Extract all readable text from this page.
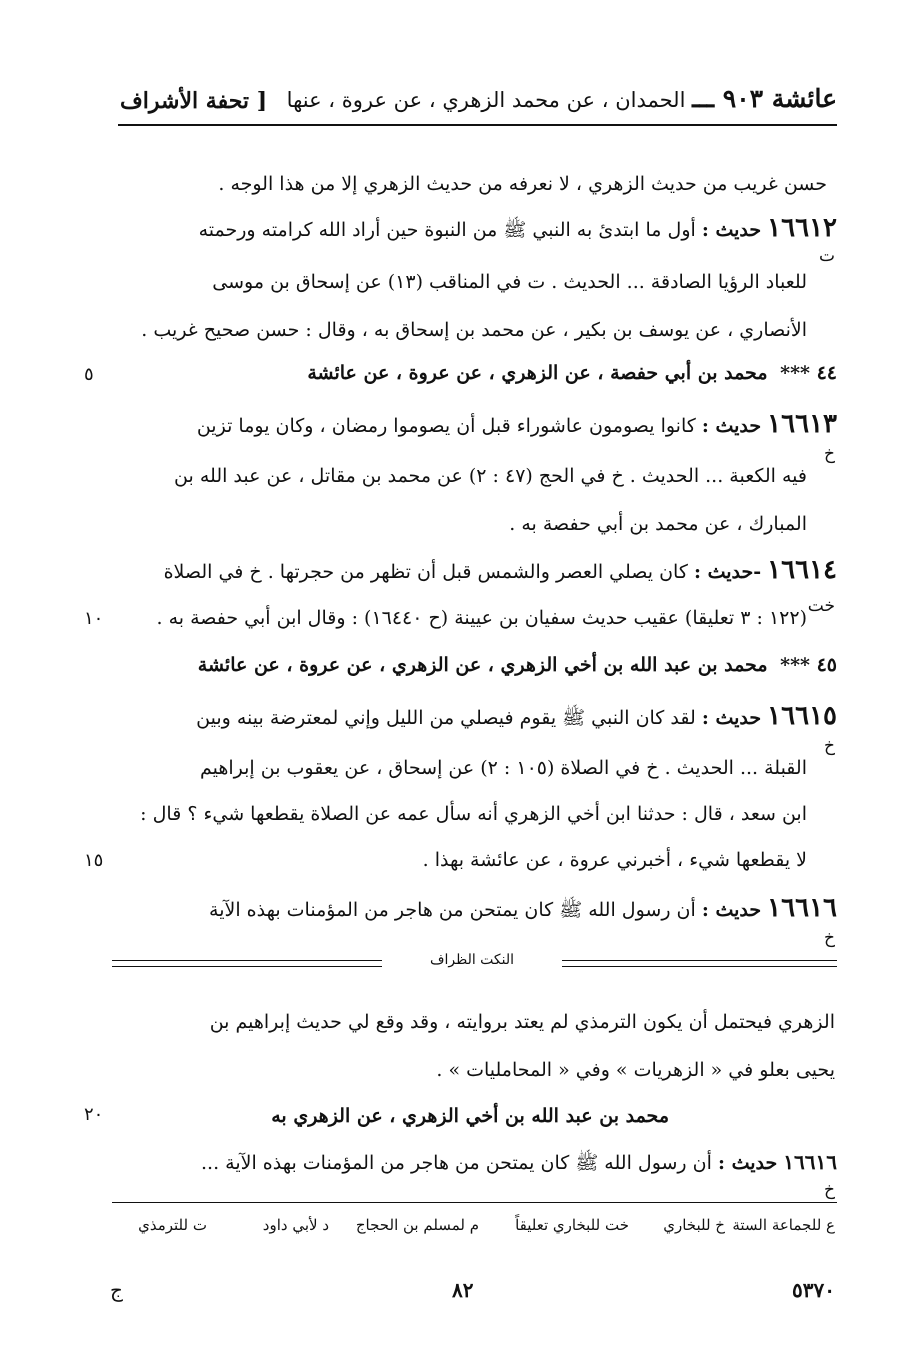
[ تحفة الأشراف	عائشة ٩٠٣ ـــ الحمدان ، عن محمد الزهري ، عن عروة ، عنها
حسن غريب من حديث الزهري ، لا نعرفه من حديث الزهري إلا من هذا الوجه .
١٦٦١٢ حديث : أول ما ابتدئ به النبي ﷺ من النبوة حين أراد الله كرامته ورحمته
ت
للعباد الرؤيا الصادقة ... الحديث . ت في المناقب (١٣) عن إسحاق بن موسى
الأنصاري ، عن يوسف بن بكير ، عن محمد بن إسحاق به ، وقال : حسن صحيح غريب .
٤٤ *** محمد بن أبي حفصة ، عن الزهري ، عن عروة ، عن عائشة
٥
١٦٦١٣ حديث : كانوا يصومون عاشوراء قبل أن يصوموا رمضان ، وكان يوما تزين
خ
فيه الكعبة ... الحديث . خ في الحج (٤٧ : ٢) عن محمد بن مقاتل ، عن عبد الله بن
المبارك ، عن محمد بن أبي حفصة به .
١٦٦١٤ -حديث : كان يصلي العصر والشمس قبل أن تظهر من حجرتها . خ في الصلاة
خت
(١٢٢ : ٣ تعليقا) عقيب حديث سفيان بن عيينة (ح ١٦٤٤٠) : وقال ابن أبي حفصة به .
١٠
٤٥ *** محمد بن عبد الله بن أخي الزهري ، عن الزهري ، عن عروة ، عن عائشة
١٦٦١٥ حديث : لقد كان النبي ﷺ يقوم فيصلي من الليل وإني لمعترضة بينه وبين
خ
القبلة ... الحديث . خ في الصلاة (١٠٥ : ٢) عن إسحاق ، عن يعقوب بن إبراهيم
ابن سعد ، قال : حدثنا ابن أخي الزهري أنه سأل عمه عن الصلاة يقطعها شيء ؟ قال :
لا يقطعها شيء ، أخبرني عروة ، عن عائشة بهذا .
١٥
١٦٦١٦ حديث : أن رسول الله ﷺ كان يمتحن من هاجر من المؤمنات بهذه الآية
خ
النكت الظراف
الزهري فيحتمل أن يكون الترمذي لم يعتد بروايته ، وقد وقع لي حديث إبراهيم بن
يحيى بعلو في « الزهريات » وفي « المحامليات » .
محمد بن عبد الله بن أخي الزهري ، عن الزهري به
٢٠
١٦٦١٦ حديث : أن رسول الله ﷺ كان يمتحن من هاجر من المؤمنات بهذه الآية ...
خ
ع للجماعة الستة
خ للبخاري
خت للبخاري تعليقاً
م لمسلم بن الحجاج
د لأبي داود
ت للترمذي
٥٣٧٠
٨٢
ج
